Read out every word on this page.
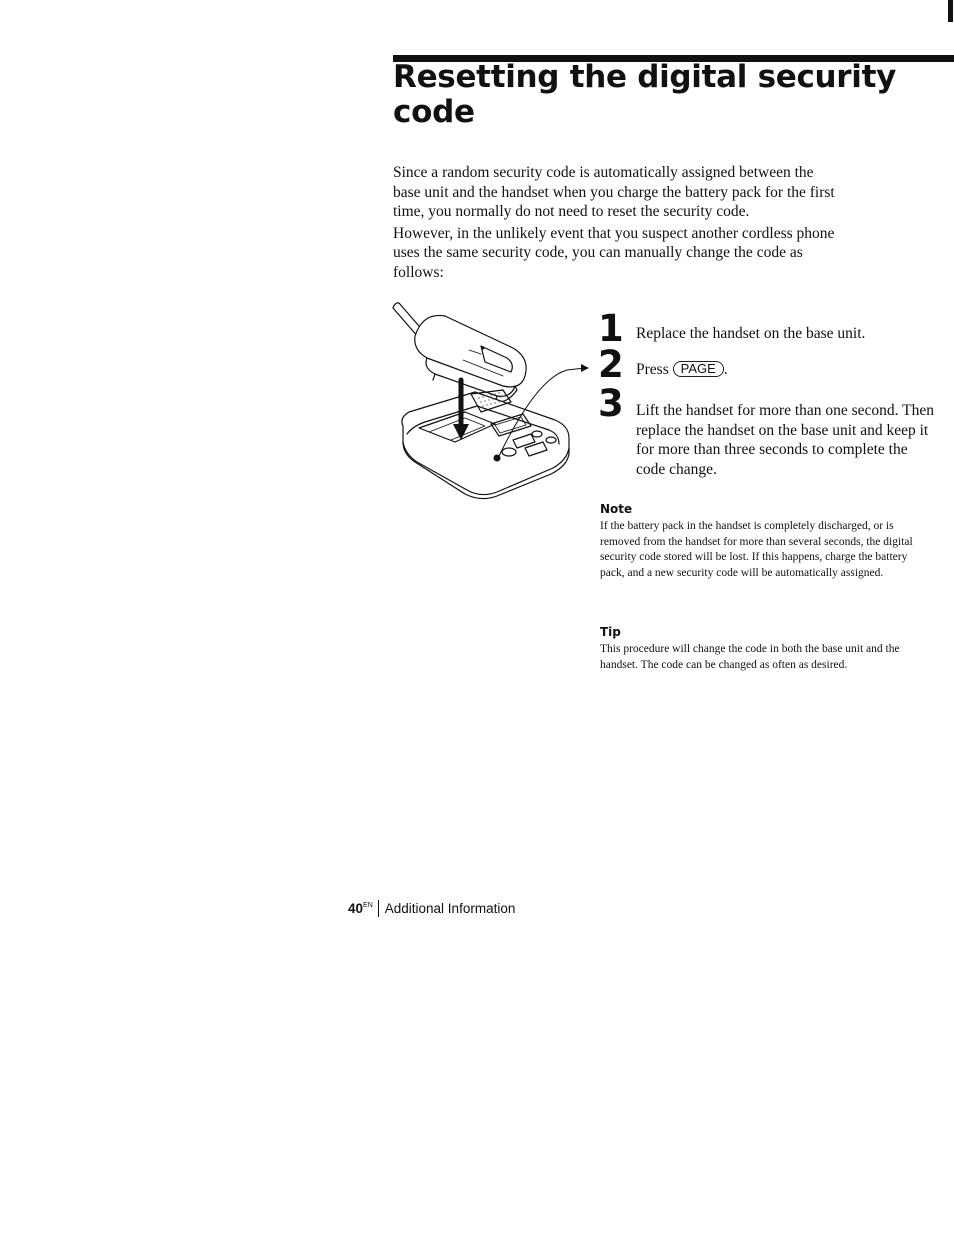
Resetting the digital security code

Since a random security code is automatically assigned between the base unit and the handset when you charge the battery pack for the first time, you normally do not need to reset the security code.

However, in the unlikely event that you suspect another cordless phone uses the same security code, you can manually change the code as follows:

1 Replace the handset on the base unit.
2 Press PAGE .
3 Lift the handset for more than one second. Then replace the handset on the base unit and keep it for more than three seconds to complete the code change.
Note
If the battery pack in the handset is completely discharged, or is removed from the handset for more than several seconds, the digital security code stored will be lost. If this happens, charge the battery pack, and a new security code will be automatically assigned.
Tip
This procedure will change the code in both the base unit and the handset. The code can be changed as often as desired.
$40^{EN}$ Additional Information
